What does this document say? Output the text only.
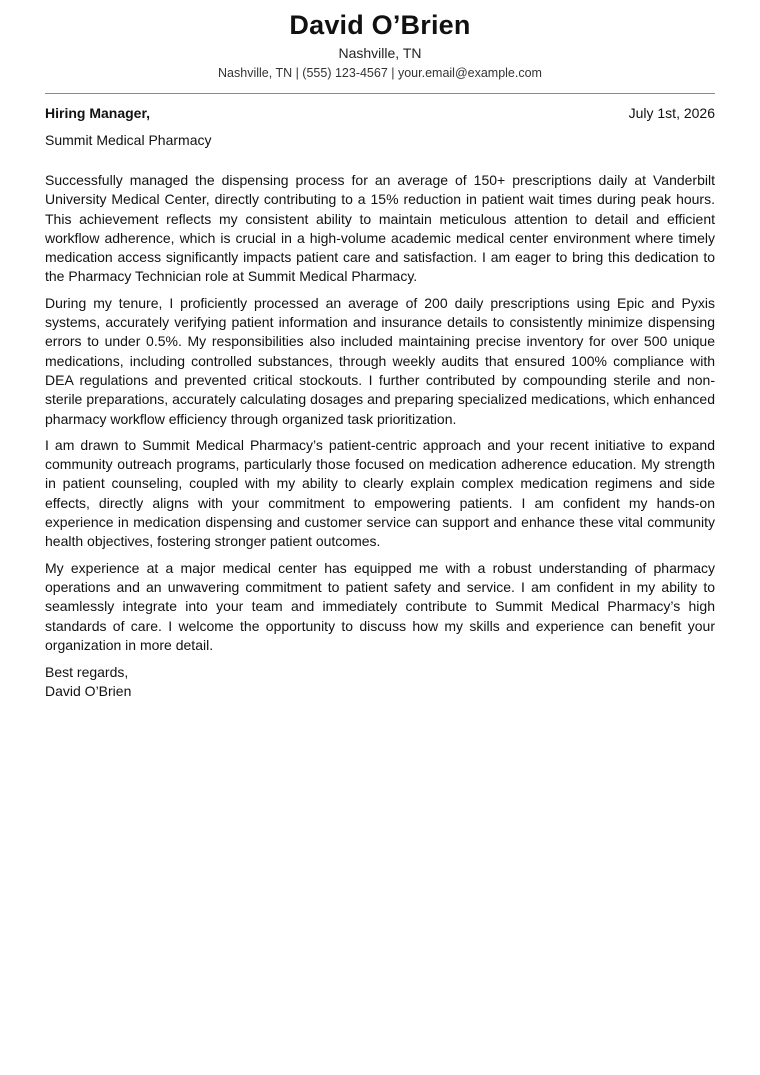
David O’Brien
Nashville, TN
Nashville, TN | (555) 123-4567 | your.email@example.com
Hiring Manager,	July 1st, 2026
Summit Medical Pharmacy

Successfully managed the dispensing process for an average of 150+ prescriptions daily at Vanderbilt University Medical Center, directly contributing to a 15% reduction in patient wait times during peak hours. This achievement reflects my consistent ability to maintain meticulous attention to detail and efficient workflow adherence, which is crucial in a high-volume academic medical center environment where timely medication access significantly impacts patient care and satisfaction. I am eager to bring this dedication to the Pharmacy Technician role at Summit Medical Pharmacy.

During my tenure, I proficiently processed an average of 200 daily prescriptions using Epic and Pyxis systems, accurately verifying patient information and insurance details to consistently minimize dispensing errors to under 0.5%. My responsibilities also included maintaining precise inventory for over 500 unique medications, including controlled substances, through weekly audits that ensured 100% compliance with DEA regulations and prevented critical stockouts. I further contributed by compounding sterile and non-sterile preparations, accurately calculating dosages and preparing specialized medications, which enhanced pharmacy workflow efficiency through organized task prioritization.

I am drawn to Summit Medical Pharmacy’s patient-centric approach and your recent initiative to expand community outreach programs, particularly those focused on medication adherence education. My strength in patient counseling, coupled with my ability to clearly explain complex medication regimens and side effects, directly aligns with your commitment to empowering patients. I am confident my hands-on experience in medication dispensing and customer service can support and enhance these vital community health objectives, fostering stronger patient outcomes.

My experience at a major medical center has equipped me with a robust understanding of pharmacy operations and an unwavering commitment to patient safety and service. I am confident in my ability to seamlessly integrate into your team and immediately contribute to Summit Medical Pharmacy’s high standards of care. I welcome the opportunity to discuss how my skills and experience can benefit your organization in more detail.

Best regards,
David O’Brien
